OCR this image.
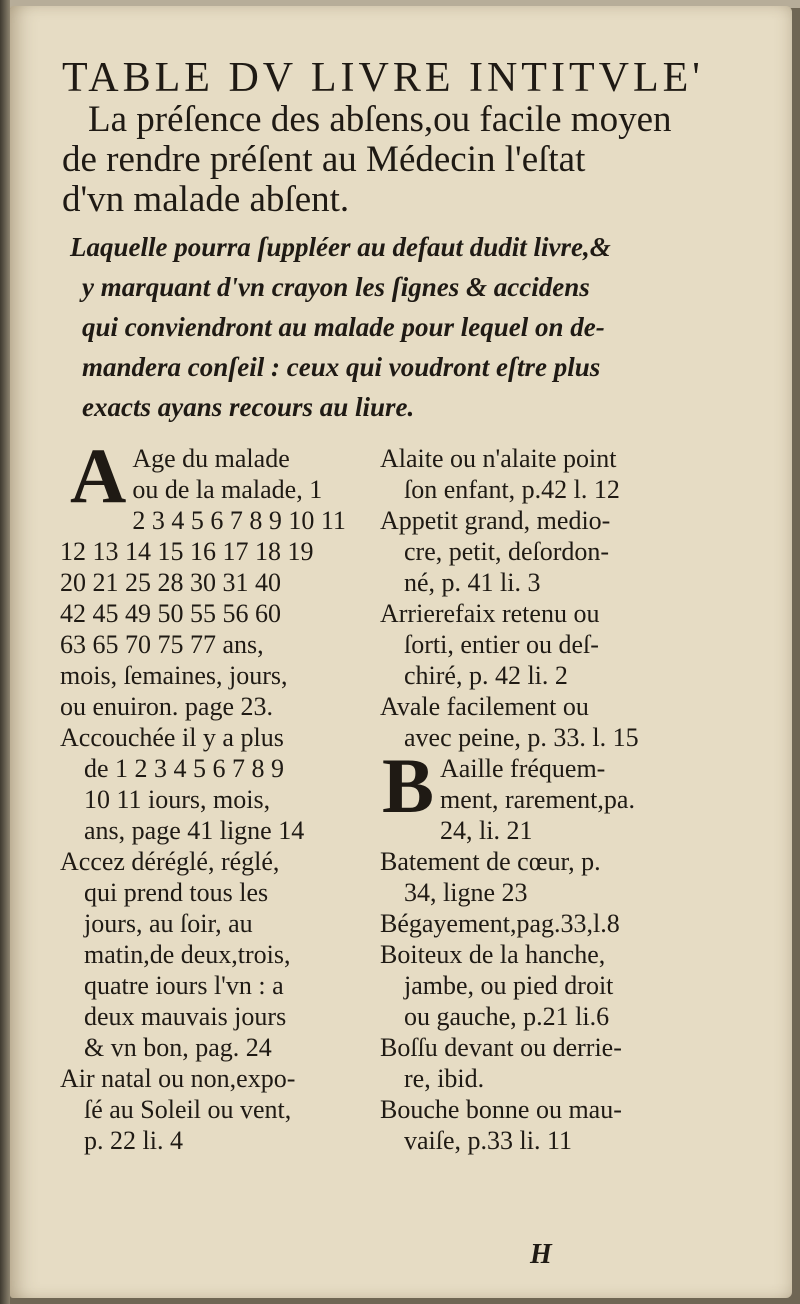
TABLE DV LIVRE INTITVLE'
La préſence des abſens,ou facile moyen
de rendre préſent au Médecin l'eſtat
d'vn malade abſent.
Laquelle pourra ſuppléer au defaut dudit livre,&
y marquant d'vn crayon les ſignes & accidens
qui conviendront au malade pour lequel on de-
mandera conſeil : ceux qui voudront eſtre plus
exacts ayans recours au liure.
A Age du malade
ou de la malade, 1
2 3 4 5 6 7 8 9 10 11
12 13 14 15 16 17 18 19
20 21 25 28 30 31 40
42 45 49 50 55 56 60
63 65 70 75 77 ans,
mois, ſemaines, jours,
ou enuiron. page 23.
Accouchée il y a plus
de 1 2 3 4 5 6 7 8 9
10 11 iours, mois,
ans, page 41 ligne 14
Accez déréglé, réglé,
qui prend tous les
jours, au ſoir, au
matin,de deux,trois,
quatre iours l'vn : a
deux mauvais jours
& vn bon, pag. 24
Air natal ou non,expo-
ſé au Soleil ou vent,
p. 22 li. 4
Alaite ou n'alaite point
ſon enfant, p.42 l. 12
Appetit grand, medio-
cre, petit, deſordon-
né, p. 41 li. 3
Arrierefaix retenu ou
ſorti, entier ou deſ-
chiré, p. 42 li. 2
Avale facilement ou
avec peine, p. 33. l. 15
B Aaille fréquem-
ment, rarement,pa.
24, li. 21
Batement de cœur, p.
34, ligne 23
Bégayement,pag.33,l.8
Boiteux de la hanche,
jambe, ou pied droit
ou gauche, p.21 li.6
Boſſu devant ou derrie-
re, ibid.
Bouche bonne ou mau-
vaiſe, p.33 li. 11
H
